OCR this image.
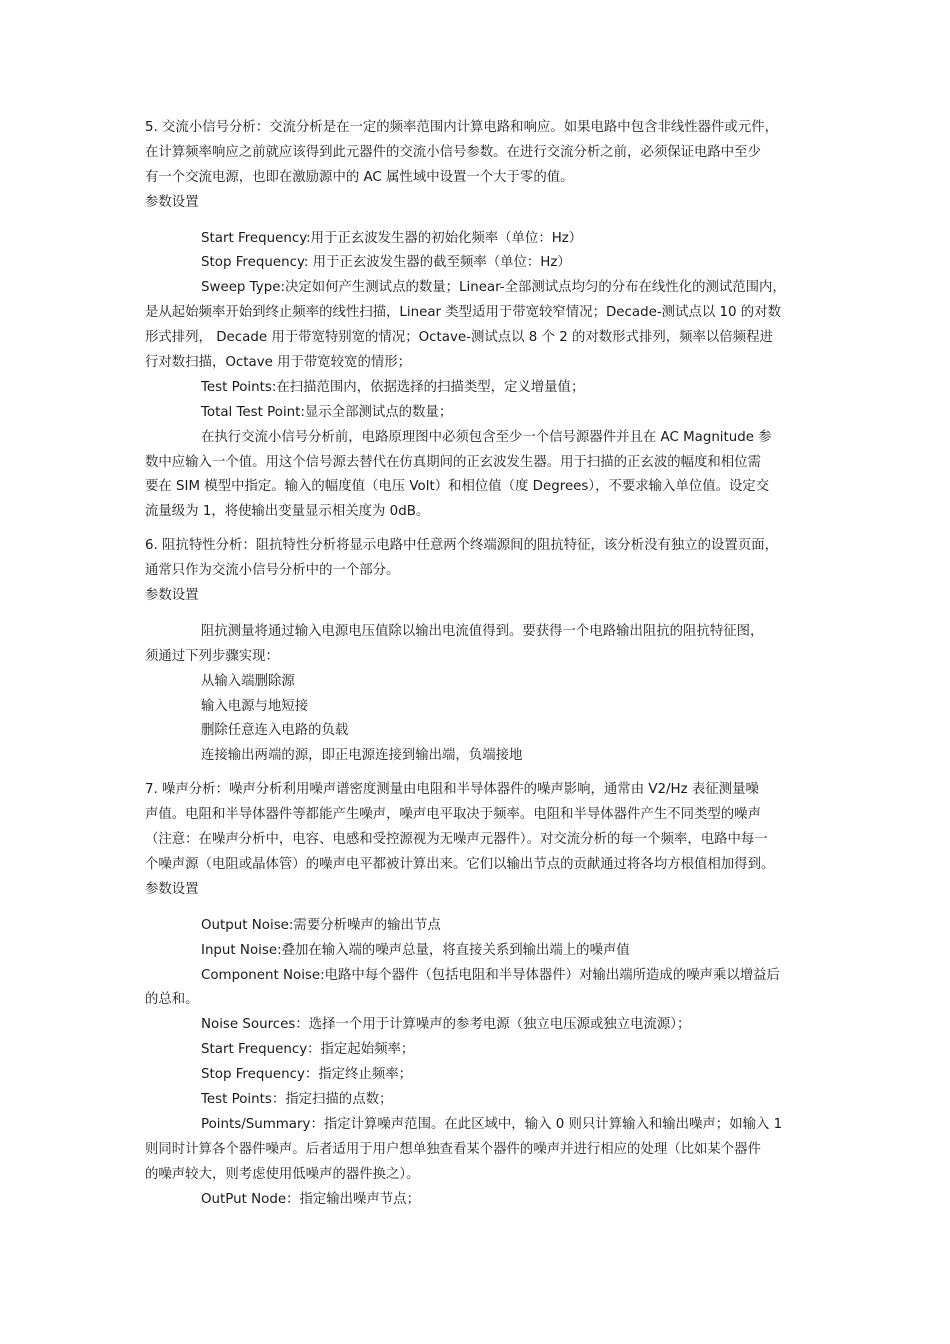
5. 交流小信号分析：交流分析是在一定的频率范围内计算电路和响应。如果电路中包含非线性器件或元件，
在计算频率响应之前就应该得到此元器件的交流小信号参数。在进行交流分析之前，必须保证电路中至少
有一个交流电源，也即在激励源中的 AC 属性域中设置一个大于零的值。
参数设置
Start Frequency:用于正玄波发生器的初始化频率（单位：Hz）
Stop Frequency: 用于正玄波发生器的截至频率（单位：Hz）
Sweep Type:决定如何产生测试点的数量；Linear-全部测试点均匀的分布在线性化的测试范围内，
是从起始频率开始到终止频率的线性扫描，Linear 类型适用于带宽较窄情况；Decade-测试点以 10 的对数
形式排列， Decade 用于带宽特别宽的情况；Octave-测试点以 8 个 2 的对数形式排列，频率以倍频程进
行对数扫描，Octave 用于带宽较宽的情形；
Test Points:在扫描范围内，依据选择的扫描类型，定义增量值；
Total Test Point:显示全部测试点的数量；
在执行交流小信号分析前，电路原理图中必须包含至少一个信号源器件并且在 AC Magnitude 参
数中应输入一个值。用这个信号源去替代在仿真期间的正玄波发生器。用于扫描的正玄波的幅度和相位需
要在 SIM 模型中指定。输入的幅度值（电压 Volt）和相位值（度 Degrees），不要求输入单位值。设定交
流量级为 1，将使输出变量显示相关度为 0dB。
6. 阻抗特性分析：阻抗特性分析将显示电路中任意两个终端源间的阻抗特征，该分析没有独立的设置页面，
通常只作为交流小信号分析中的一个部分。
参数设置
阻抗测量将通过输入电源电压值除以输出电流值得到。要获得一个电路输出阻抗的阻抗特征图，
须通过下列步骤实现：
从输入端删除源
输入电源与地短接
删除任意连入电路的负载
连接输出两端的源，即正电源连接到输出端，负端接地
7. 噪声分析：噪声分析利用噪声谱密度测量由电阻和半导体器件的噪声影响，通常由 V2/Hz 表征测量噪
声值。电阻和半导体器件等都能产生噪声，噪声电平取决于频率。电阻和半导体器件产生不同类型的噪声
（注意：在噪声分析中，电容、电感和受控源视为无噪声元器件）。对交流分析的每一个频率，电路中每一
个噪声源（电阻或晶体管）的噪声电平都被计算出来。它们以输出节点的贡献通过将各均方根值相加得到。
参数设置
Output Noise:需要分析噪声的输出节点
Input Noise:叠加在输入端的噪声总量，将直接关系到输出端上的噪声值
Component Noise:电路中每个器件（包括电阻和半导体器件）对输出端所造成的噪声乘以增益后
的总和。
Noise Sources：选择一个用于计算噪声的参考电源（独立电压源或独立电流源）；
Start Frequency：指定起始频率；
Stop Frequency：指定终止频率；
Test Points：指定扫描的点数；
Points/Summary：指定计算噪声范围。在此区域中，输入 0 则只计算输入和输出噪声；如输入 1
则同时计算各个器件噪声。后者适用于用户想单独查看某个器件的噪声并进行相应的处理（比如某个器件
的噪声较大，则考虑使用低噪声的器件换之）。
OutPut Node：指定输出噪声节点；
